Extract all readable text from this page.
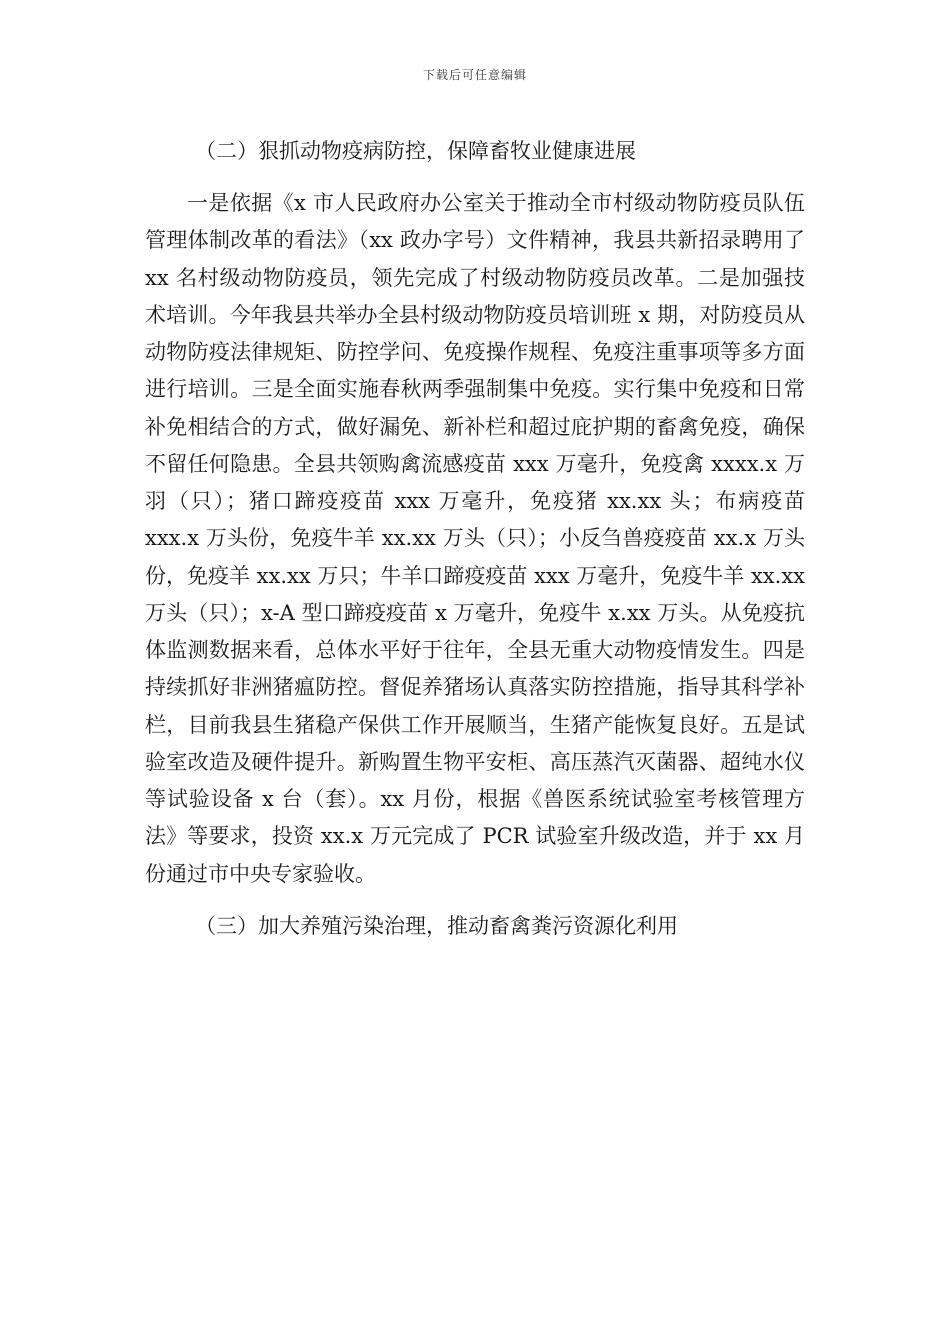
下载后可任意编辑
（二）狠抓动物疫病防控，保障畜牧业健康进展

一是依据《x 市人民政府办公室关于推动全市村级动物防疫员队伍管理体制改革的看法》（xx 政办字号）文件精神，我县共新招录聘用了 xx 名村级动物防疫员，领先完成了村级动物防疫员改革。二是加强技术培训。今年我县共举办全县村级动物防疫员培训班 x 期，对防疫员从动物防疫法律规矩、防控学问、免疫操作规程、免疫注重事项等多方面进行培训。三是全面实施春秋两季强制集中免疫。实行集中免疫和日常补免相结合的方式，做好漏免、新补栏和超过庇护期的畜禽免疫，确保不留任何隐患。全县共领购禽流感疫苗 xxx 万毫升，免疫禽 xxxx.x 万羽（只）；猪口蹄疫疫苗 xxx 万毫升，免疫猪 xx.xx 头；布病疫苗 xxx.x 万头份，免疫牛羊 xx.xx 万头（只）；小反刍兽疫疫苗 xx.x 万头份，免疫羊 xx.xx 万只；牛羊口蹄疫疫苗 xxx 万毫升，免疫牛羊 xx.xx 万头（只）；x-A 型口蹄疫疫苗 x 万毫升，免疫牛 x.xx 万头。从免疫抗体监测数据来看，总体水平好于往年，全县无重大动物疫情发生。四是持续抓好非洲猪瘟防控。督促养猪场认真落实防控措施，指导其科学补栏，目前我县生猪稳产保供工作开展顺当，生猪产能恢复良好。五是试验室改造及硬件提升。新购置生物平安柜、高压蒸汽灭菌器、超纯水仪等试验设备 x 台（套）。xx 月份，根据《兽医系统试验室考核管理方法》等要求，投资 xx.x 万元完成了 PCR 试验室升级改造，并于 xx 月份通过市中央专家验收。

（三）加大养殖污染治理，推动畜禽粪污资源化利用
